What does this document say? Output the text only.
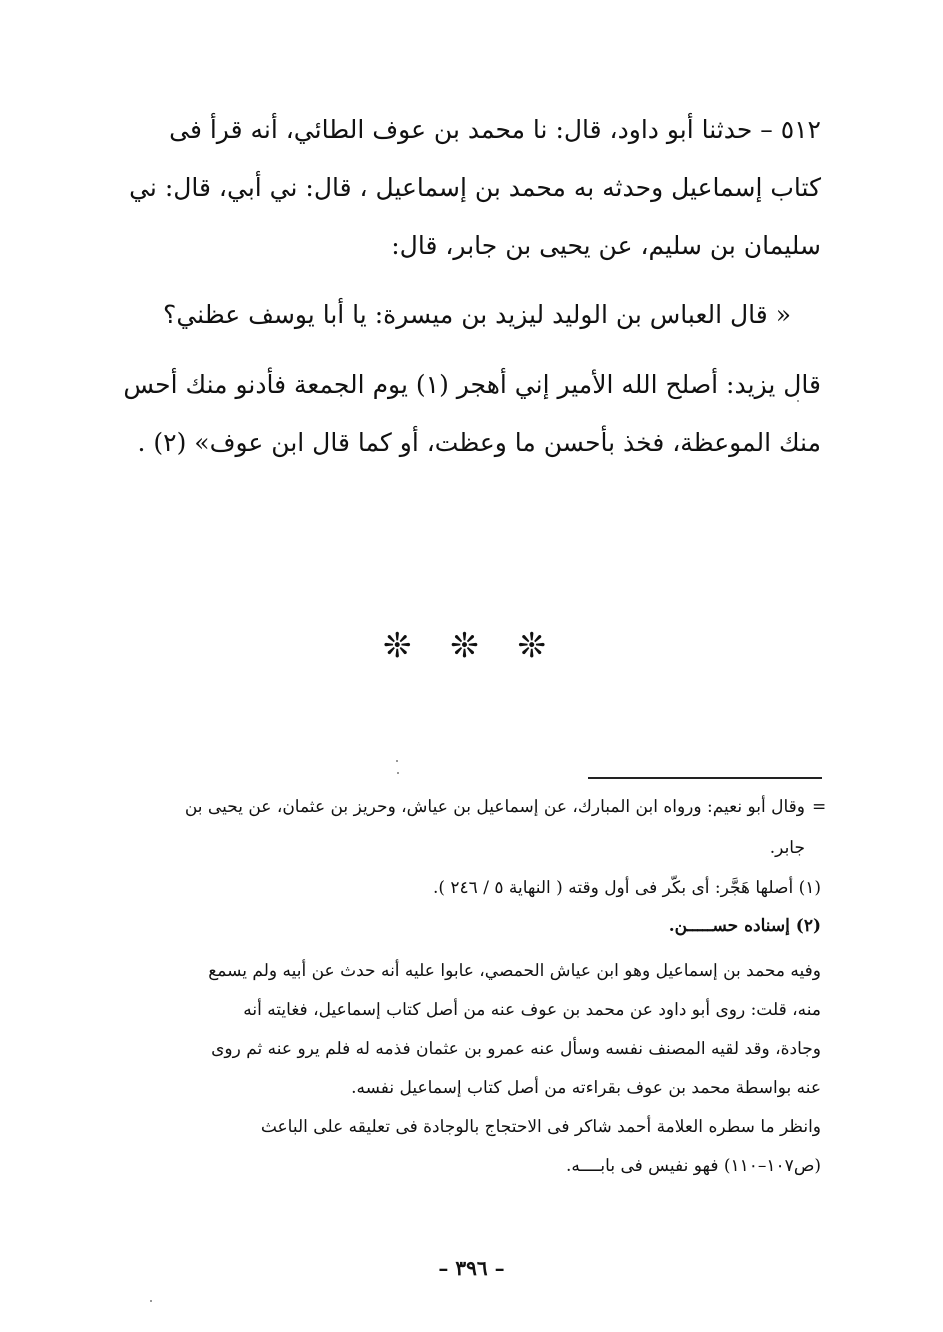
٥١٢ – حدثنا أبو داود، قال: نا محمد بن عوف الطائي، أنه قرأ فى
كتاب إسماعيل وحدثه به محمد بن إسماعيل ، قال: ني أبي، قال: ني
سليمان بن سليم، عن يحيى بن جابر، قال:
« قال العباس بن الوليد ليزيد بن ميسرة: يا أبا يوسف عظني؟
قال يزيد: أصلح الله الأمير إني أهجر (١) يوم الجمعة فأدنو منك أحس
منك الموعظة، فخذ بأحسن ما وعظت، أو كما قال ابن عوف» (٢) .
❊ ❊ ❊
=
وقال أبو نعيم: ورواه ابن المبارك، عن إسماعيل بن عياش، وحريز بن عثمان، عن يحيى بن
جابر.
(١) أصلها هَجَّر: أى بكّر فى أول وقته ( النهاية ٥ / ٢٤٦ ).
(٢) إسناده حســـــن.
وفيه محمد بن إسماعيل وهو ابن عياش الحمصي، عابوا عليه أنه حدث عن أبيه ولم يسمع
منه، قلت: روى أبو داود عن محمد بن عوف عنه من أصل كتاب إسماعيل، فغايته أنه
وجادة، وقد لقيه المصنف نفسه وسأل عنه عمرو بن عثمان فذمه له فلم يرو عنه ثم روى
عنه بواسطة محمد بن عوف بقراءته من أصل كتاب إسماعيل نفسه.
وانظر ما سطره العلامة أحمد شاكر فى الاحتجاج بالوجادة فى تعليقه على الباعث
(ص١٠٧–١١٠) فهو نفيس فى بابــــه.
– ٣٩٦ –
